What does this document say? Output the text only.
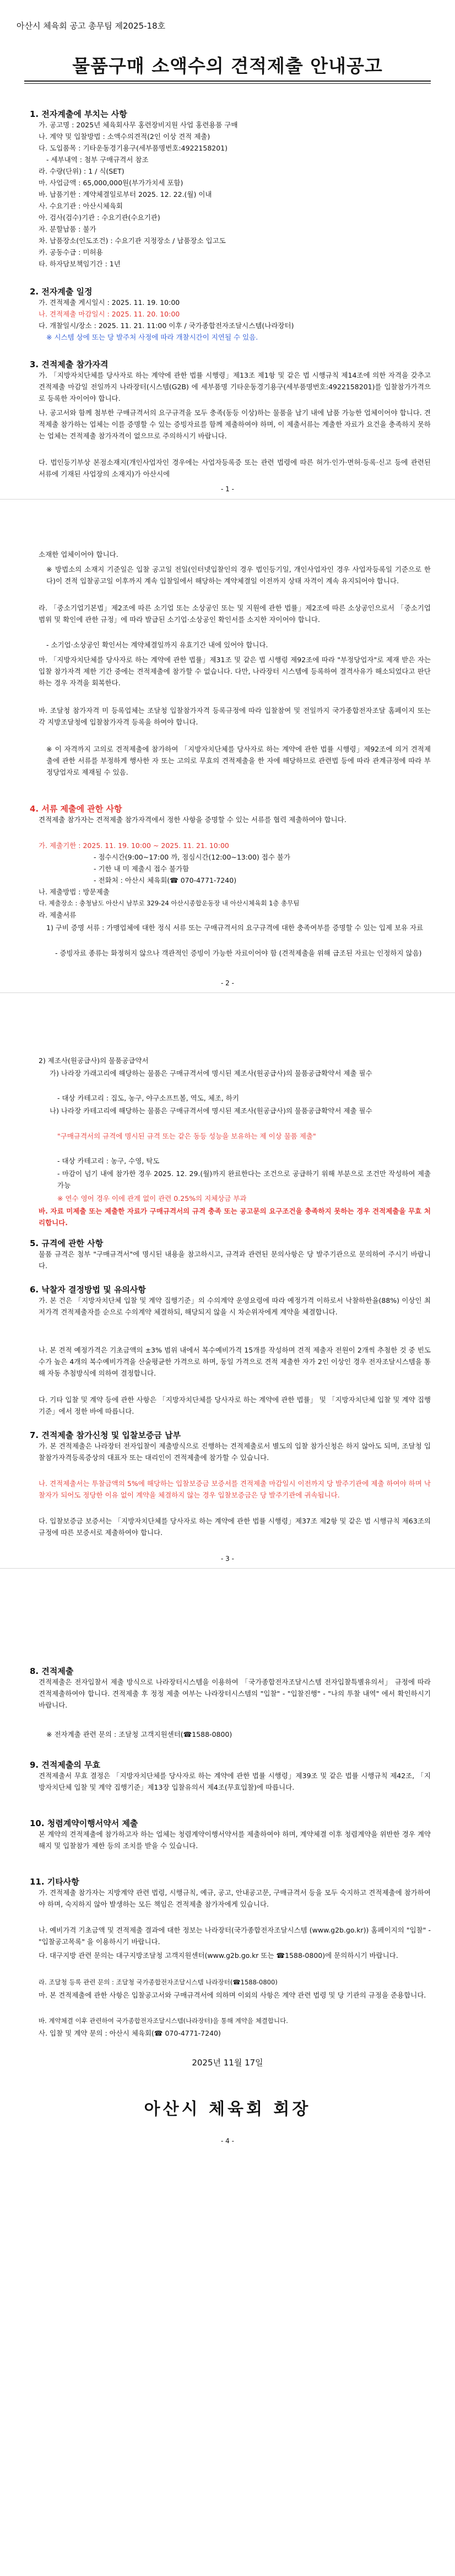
아산시 체육회 공고 총무팀 제2025-18호
물품구매 소액수의 견적제출 안내공고
1. 전자계출에 부치는 사항
가. 공고명 : 2025년 체육회사무 홍련장비지원 사업 홍련용품 구매
나. 계약 및 입찰방법 : 소액수의견적(2인 이상 견적 제출)
다. 도입품목 : 기타운동경기용구(세부품명번호:4922158201)
- 세부내역 : 첨부 구매규격서 참조
라. 수량(단위) : 1 / 식(SET)
마. 사업금액 : 65,000,000원(부가가치세 포함)
바. 납품기한 : 계약체결일로부터 2025. 12. 22.(월) 이내
사. 수요기관 : 아산시체육회
아. 검사(검수)기관 : 수요기관(수요기관)
자. 분할납품 : 불가
차. 납품장소(인도조건) : 수요기관 지정장소 / 납품장소 입고도
카. 공동수급 : 미허용
타. 하자담보책임기간 : 1년
2. 전자계출 일정
가. 견적제출 게시일시 : 2025. 11. 19. 10:00
나. 견적제출 마감일시 : 2025. 11. 20. 10:00
다. 개찰일시/장소 : 2025. 11. 21. 11:00 이후 / 국가종합전자조달시스템(나라장터)
※ 시스템 상에 또는 당 발주처 사정에 따라 개찰시간이 지연될 수 있음.
3. 견적제출 참가자격
가. 「지방자치단체를 당사자로 하는 계약에 관한 법률 시행령」제13조 제1항 및 같은 법 시행규칙 제14조에 의한 자격을 갖추고 견적제출 마감일 전일까지 나라장터(시스템(G2B) 에 세부품명 기타운동경기용구(세부품명번호:4922158201)를 입찰참가가격으로 등록한 자이어야 합니다.
나. 공고서와 함께 첨부한 구매규격서의 요구규격을 모두 충족(동등 이상)하는 물품을 납기 내에 납품 가능한 업체이어야 합니다. 견적제출 참가하는 업체는 이를 증명할 수 있는 증빙자료를 함께 제출하여야 하며, 이 제출서류는 계출한 자료가 요건을 충족하지 못하는 업체는 견적제출 참가자격이 없으므로 주의하시기 바랍니다.
다. 법인등기부상 본점소재지(개인사업자인 경우에는 사업자등록증 또는 관련 법령에 따른 허가·인가·면허·등록·신고 등에 관련된 서류에 기재된 사업장의 소재지)가 아산시에
- 1 -
소재한 업체이어야 합니다.
※ 방법소의 소재지 기준일은 입찰 공고일 전일(인터넷입찰인의 경우 법인등기일, 개인사업자인 경우 사업자등록일 기준으로 한다)이 견적 입찰공고일 이후까지 계속 입찰일에서 해당하는 계약체결일 이전까지 상태 자격이 계속 유지되어야 합니다.
라. 「중소기업기본법」제2조에 따른 소기업 또는 소상공인 또는 및 지원에 관한 법률」제2조에 따른 소상공인으로서 「중소기업 범위 및 확인에 관한 규정」에 따라 발급된 소기업·소상공인 확인서를 소지한 자이어야 합니다.
- 소기업·소상공인 확인서는 계약체결일까지 유효기간 내에 있어야 합니다.
마. 「지방자치단체를 당사자로 하는 계약에 관한 법률」제31조 및 같은 법 시행령 제92조에 따라 "부정당업자"로 제재 받은 자는 입찰 참가자격 제한 기간 중에는 견적제출에 참가할 수 없습니다. 다만, 나라장터 시스템에 등록하여 결격사유가 해소되었다고 판단하는 경우 자격을 회복한다.
바. 조달청 참가자격 미 등록업체는 조달청 입찰참가자격 등록규정에 따라 입찰참여 및 전일까지 국가종합전자조달 홈페이지 또는 각 지방조달청에 입찰참가자격 등록을 하여야 합니다.
※ 이 자격까지 고의로 견적제출에 참가하여 「지방자치단체를 당사자로 하는 계약에 관한 법률 시행령」제92조에 의거 견적제출에 관한 서류를 부정하게 행사한 자 또는 고의로 무효의 견적제출을 한 자에 해당하므로 관련법 등에 따라 관계규정에 따라 부정당업자로 제재될 수 있음.
4. 서류 제출에 관한 사항
견적제출 참가자는 견적제출 참가자격에서 정한 사항을 증명할 수 있는 서류를 협력 제출하여야 합니다.
가. 제출기한 : 2025. 11. 19. 10:00 ~ 2025. 11. 21. 10:00
- 점수시간(9:00~17:00 까, 점심시간(12:00~13:00) 접수 불가
- 기한 내 미 제출시 접수 불가함
- 전화처 : 아산시 체육회(☎ 070-4771-7240)
나. 제출방법 : 방문제출
다. 제출장소 : 충청남도 아산시 남부로 329-24 아산시종합운동장 내 아산시체육회 1층 총무팀
라. 제출서류
1) 구비 증명 서류 : 가맹업체에 대한 정식 서류 또는 구매규격서의 요구규격에 대한 충족여부를 증명할 수 있는 입제 보유 자료
- 증빙자료 종류는 화정허지 않으나 객관적인 증빙이 가능한 자료이어야 함 (견적제출을 위해 급조된 자료는 인정하지 않음)
- 2 -
2) 제조사(원공급사)의 물품공급약서
가) 나라장 가래고리에 해당하는 물품은 구매규격서에 명시된 제조사(원공급사)의 물품공급확약서 제출 필수
- 대상 카테고리 : 집도, 농구, 야구소프트볼, 역도, 체조, 하키
나) 나라장 카테고리에 해당하는 물품은 구매규격서에 명시된 제조사(원공급사)의 물품공급확약서 제출 필수
"구매규격서의 규격에 명시된 규격 또는 같은 동등 성능을 보유하는 제 이상 물품 제출"
- 대상 카테고리 : 농구, 수영, 탁도
- 마감이 넘기 내에 참가한 경우 2025. 12. 29.(월)까지 완료한다는 조건으로 공급하기 위해 부분으로 조건만 작성하여 제출 가능
※ 연수 영어 경우 이에 관계 없이 관련 0.25%의 지체상금 부과
바. 자료 미제출 또는 제출한 자료가 구매규격서의 규격 충족 또는 공고문의 요구조건을 충족하지 못하는 경우 견적제출을 무효 처리합니다.
5. 규격에 관한 사항
물품 규격은 첨부 "구매규격서"에 명시된 내용을 참고하시고, 규격과 관련된 문의사항은 당 발주기관으로 문의하여 주시기 바랍니다.
6. 낙찰자 결정방법 및 유의사항
가. 본 건은 「지방자치단체 입찰 및 계약 집행기준」의 수의계약 운영요령에 따라 예정가격 이하로서 낙찰하한율(88%) 이상인 최저가격 견적제출자를 순으로 수의계약 체결하되, 해당되지 않을 시 차순위자에게 계약을 체결합니다.
나. 본 견적 예정가격은 기초금액의 ±3% 범위 내에서 복수예비가격 15개를 작성하며 견적 제출자 전원이 2개씩 추첨한 것 중 빈도수가 높은 4개의 복수예비가격을 산술평균한 가격으로 하며, 동일 가격으로 견적 제출한 자가 2인 이상인 경우 전자조달시스템을 통해 자동 추첨방식에 의하여 결정합니다.
다. 기타 입찰 및 계약 등에 관한 사항은 「지방자치단체를 당사자로 하는 계약에 관한 법률」 및 「지방자치단체 입찰 및 계약 집행기준」에서 정한 바에 따릅니다.
7. 견적제출 참가신청 및 입찰보증금 납부
가. 본 견적제출은 나라장터 전자입찰이 제출방식으로 진행하는 견적제출로서 별도의 입찰 참가신청은 하지 않아도 되며, 조달청 입찰참가자격등록증상의 대표자 또는 대리인이 견적제출에 참가할 수 있습니다.
나. 견적제출서는 투찰금액의 5%에 해당하는 입찰보증금 보증서를 견적제출 마감일시 이전까지 당 발주기관에 제출 하여야 하며 낙찰자가 되어도 정당한 이유 없이 계약을 체결하지 않는 경우 입찰보증금은 당 발주기관에 귀속됩니다.
다. 입찰보증금 보증서는 「지방자치단체를 당사자로 하는 계약에 관한 법률 시행령」제37조 제2항 및 같은 법 시행규칙 제63조의 규정에 따른 보증서로 제출하여야 합니다.
- 3 -
8. 견적제출
견적제출은 전자입찰서 제출 방식으로 나라장터시스템을 이용하여 「국가종합전자조달시스템 전자입찰특별유의서」 규정에 따라 견적제출하여야 합니다. 견적제출 후 정정 제출 여부는 나라장터시스템의 "입찰" - "입찰진행" - "나의 투찰 내역" 에서 확인하시기 바랍니다.
※ 전자계출 관련 문의 : 조달청 고객지원센터(☎1588-0800)
9. 견적제출의 무효
견적제출서 무효 결정은 「지방자치단체를 당사자로 하는 계약에 관한 법률 시행령」제39조 및 같은 법률 시행규칙 제42조, 「지방자치단체 입찰 및 계약 집행기준」제13장 입찰유의서 제4조(무효입찰)에 따릅니다.
10. 청렴계약이행서약서 제출
본 계약의 견적제출에 참가하고자 하는 업체는 청렴계약이행서약서를 제출하여야 하며, 계약체결 이후 청렴계약을 위반한 경우 계약해지 및 입찰참가 제한 등의 조치를 받을 수 있습니다.
11. 기타사항
가. 견적제출 참가자는 지방계약 관련 법령, 시행규칙, 예규, 공고, 안내공고문, 구매규격서 등을 모두 숙지하고 견적제출에 참가하여야 하며, 숙지하지 않아 발생하는 모든 책임은 견적제출 참가자에게 있습니다.
나. 예비가격 기초금액 및 견적제출 결과에 대한 정보는 나라장터(국가종합전자조달시스템 (www.g2b.go.kr)) 홈페이지의 "입찰" - "입찰공고목록" 을 이용하시기 바랍니다.
다. 대구지방 관련 문의는 대구지방조달청 고객지원센터(www.g2b.go.kr 또는 ☎1588-0800)에 문의하시기 바랍니다.
라. 조달청 등록 관련 문의 : 조달청 국가종합전자조달시스템 나라장터(☎1588-0800)
마. 본 견적제출에 관한 사항은 입찰공고서와 구매규격서에 의하며 이외의 사항은 계약 관련 법령 및 당 기관의 규정을 준용합니다.
바. 계약체결 이후 관련하여 국가종합전자조달시스템(나라장터)을 통해 계약을 체결합니다.
사. 입찰 및 계약 문의 : 아산시 체육회(☎ 070-4771-7240)
2025년 11월 17일
아산시 체육회 회장
- 4 -
